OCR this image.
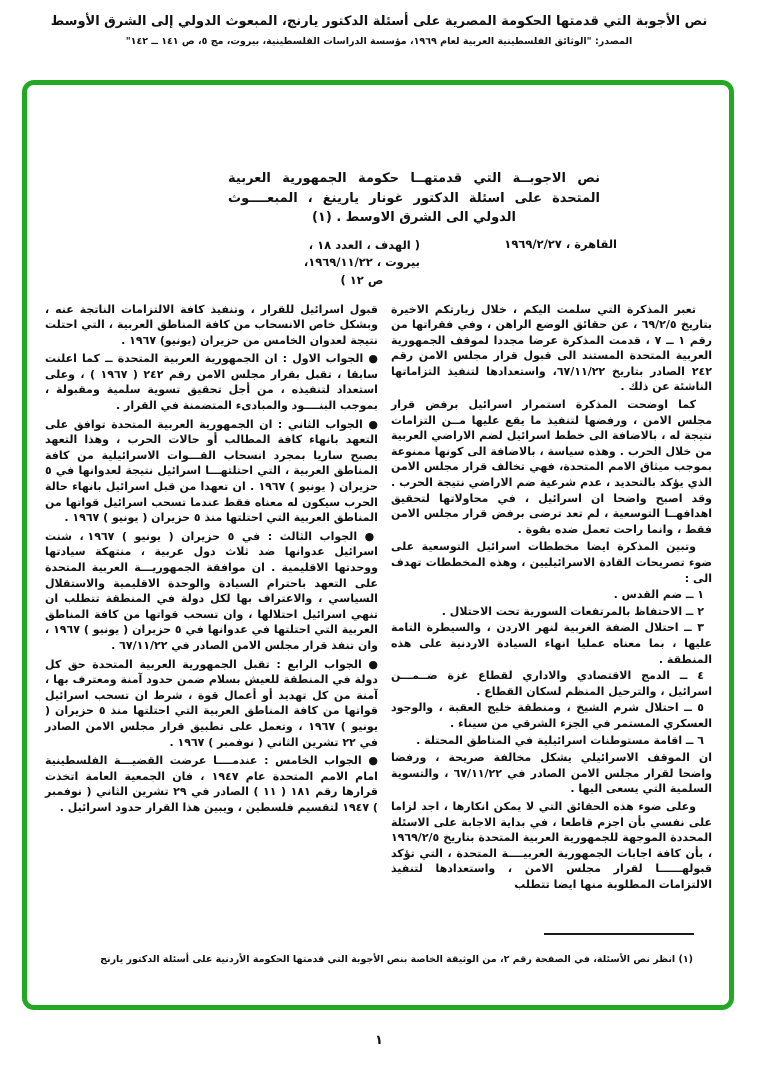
نص الأجوبة التي قدمتها الحكومة المصرية على أسئلة الدكتور يارنج، المبعوث الدولي إلى الشرق الأوسط
المصدر: "الوثائق الفلسطينية العربية لعام ١٩٦٩، مؤسسة الدراسات الفلسطينية، بيروت، مج ٥، ص ١٤١ ــ ١٤٢"
نص الاجوبــة التي قدمتهــا حكومة الجمهورية العربية
المتحدة على اسئلة الدكتور غونار يارينغ ، المبعــــوث
الدولي الى الشرق الاوسط . (١)
القاهرة ، ١٩٦٩/٢/٢٧
( الهدف ، العدد ١٨ ،
بيروت ، ١٩٦٩/١١/٢٢،
ص ١٢ )

تعبر المذكرة التي سلمت اليكم ، خلال زيارتكم الاخيرة بتاريخ ٦٩/٢/٥ ، عن حقائق الوضع الراهن ، وفي فقراتها من رقم ١ ــ ٧ ، قدمت المذكرة عرضا مجددا لموقف الجمهورية العربية المتحدة المستند الى قبول قرار مجلس الامن رقم ٢٤٢ الصادر بتاريخ ٦٧/١١/٢٢، واستعدادها لتنفيذ التزاماتها الناشئة عن ذلك .

كما اوضحت المذكرة استمرار اسرائيل برفض قرار مجلس الامن ، ورفضها لتنفيذ ما يقع عليها مــن التزامات نتيجة له ، بالاضافة الى خطط اسرائيل لضم الاراضي العربية من خلال الحرب . وهذه سياسة ، بالاضافة الى كونها ممنوعة بموجب ميثاق الامم المتحدة، فهي تخالف قرار مجلس الامن الذي يؤكد بالتحديد ، عدم شرعية ضم الاراضي نتيجة الحرب . وقد اصبح واضحا ان اسرائيل ، في محاولاتها لتحقيق اهدافهــا التوسعية ، لم تعد ترضى برفض قرار مجلس الامن فقط ، وانما راحت تعمل ضده بقوة .

وتبين المذكرة ايضا مخططات اسرائيل التوسعية على ضوء تصريحات القادة الاسرائيليين ، وهذه المخططات تهدف الى :

١ ــ ضم القدس .

٢ ــ الاحتفاظ بالمرتفعات السورية تحت الاحتلال .

٣ ــ احتلال الضفة الغربية لنهر الاردن ، والسيطرة التامة عليها ، بما معناه عمليا انهاء السيادة الاردنية على هذه المنطقة .

٤ ــ الدمج الاقتصادي والاداري لقطاع غزة ضــمـــن اسرائيل ، والترحيل المنظم لسكان القطاع .

٥ ــ احتلال شرم الشيخ ، ومنطقة خليج العقبة ، والوجود العسكري المستمر في الجزء الشرقي من سيناء .

٦ ــ اقامة مستوطنات اسرائيلية في المناطق المحتلة .

ان الموقف الاسرائيلي يشكل مخالفة صريحة ، ورفضا واضحا لقرار مجلس الامن الصادر في ٦٧/١١/٢٢ ، والتسوية السلمية التي يسعى اليها .

وعلى ضوء هذه الحقائق التي لا يمكن انكارها ، اجد لزاما على نفسي بأن اجزم قاطعا ، في بداية الاجابة على الاسئلة المحددة الموجهة للجمهورية العربية المتحدة بتاريخ ١٩٦٩/٢/٥ ، بأن كافة اجابات الجمهورية العربيــــة المتحدة ، التي تؤكد قبولهــــــا لقرار مجلس الامن ، واستعدادها لتنفيذ الالتزامات المطلوبة منها ايضا تتطلب

قبول اسرائيل للقرار ، وتنفيذ كافة الالتزامات الناتجة عنه ، وبشكل خاص الانسحاب من كافة المناطق العربية ، التي احتلت نتيجة لعدوان الخامس من حزيران (يونيو) ١٩٦٧ .

● الجواب الاول : ان الجمهورية العربية المتحدة ــ كما اعلنت سابقا ، تقبل بقرار مجلس الامن رقم ٢٤٢ ( ١٩٦٧ ) ، وعلى استعداد لتنفيذه ، من أجل تحقيق تسوية سلمية ومقبولة ، بموجب البنــــود والمبادىء المتضمنة في القرار .

● الجواب الثاني : ان الجمهورية العربية المتحدة توافق على التعهد بانهاء كافة المطالب أو حالات الحرب ، وهذا التعهد يصبح ساريا بمجرد انسحاب القـــوات الاسرائيلية من كافة المناطق العربية ، التي احتلتهـــا اسرائيل نتيجة لعدوانها في ٥ حزيران ( يونيو ) ١٩٦٧ . ان تعهدا من قبل اسرائيل بانهاء حالة الحرب سيكون له معناه فقط عندما تسحب اسرائيل قواتها من المناطق العربية التي احتلتها منذ ٥ حزيران ( يونيو ) ١٩٦٧ .

● الجواب الثالث : في ٥ حزيران ( يونيو ) ١٩٦٧ ، شنت اسرائيل عدوانها ضد ثلاث دول عربية ، منتهكة سيادتها ووحدتها الاقليمية . ان موافقة الجمهوريـــة العربية المتحدة على التعهد باحترام السيادة والوحدة الاقليمية والاستقلال السياسي ، والاعتراف بها لكل دولة في المنطقة تتطلب ان تنهي اسرائيل احتلالها ، وان تسحب قواتها من كافة المناطق العربية التي احتلتها في عدوانها في ٥ حزيران ( يونيو ) ١٩٦٧ ، وان تنفذ قرار مجلس الامن الصادر في ٦٧/١١/٢٢ .

● الجواب الرابع : تقبل الجمهورية العربية المتحدة حق كل دولة في المنطقة للعيش بسلام ضمن حدود آمنة ومعترف بها ، آمنة من كل تهديد أو أعمال قوة ، شرط ان تسحب اسرائيل قواتها من كافة المناطق العربية التي احتلتها منذ ٥ حزيران ( يونيو ) ١٩٦٧ ، وتعمل على تطبيق قرار مجلس الامن الصادر في ٢٢ تشرين الثاني ( نوفمبر ) ١٩٦٧ .

● الجواب الخامس : عندمــــا عرضت القضيـــة الفلسطينية امام الامم المتحدة عام ١٩٤٧ ، فان الجمعية العامة اتخذت قرارها رقم ١٨١ ( ١١ ) الصادر في ٢٩ تشرين الثاني ( نوفمبر ) ١٩٤٧ لتقسيم فلسطين ، ويبين هذا القرار حدود اسرائيل .

(١) انظر نص الأسئلة، في الصفحة رقم ٢، من الوثيقة الخاصة بنص الأجوبة التي قدمتها الحكومة الأردنية على أسئلة الدكتور يارنج
١
